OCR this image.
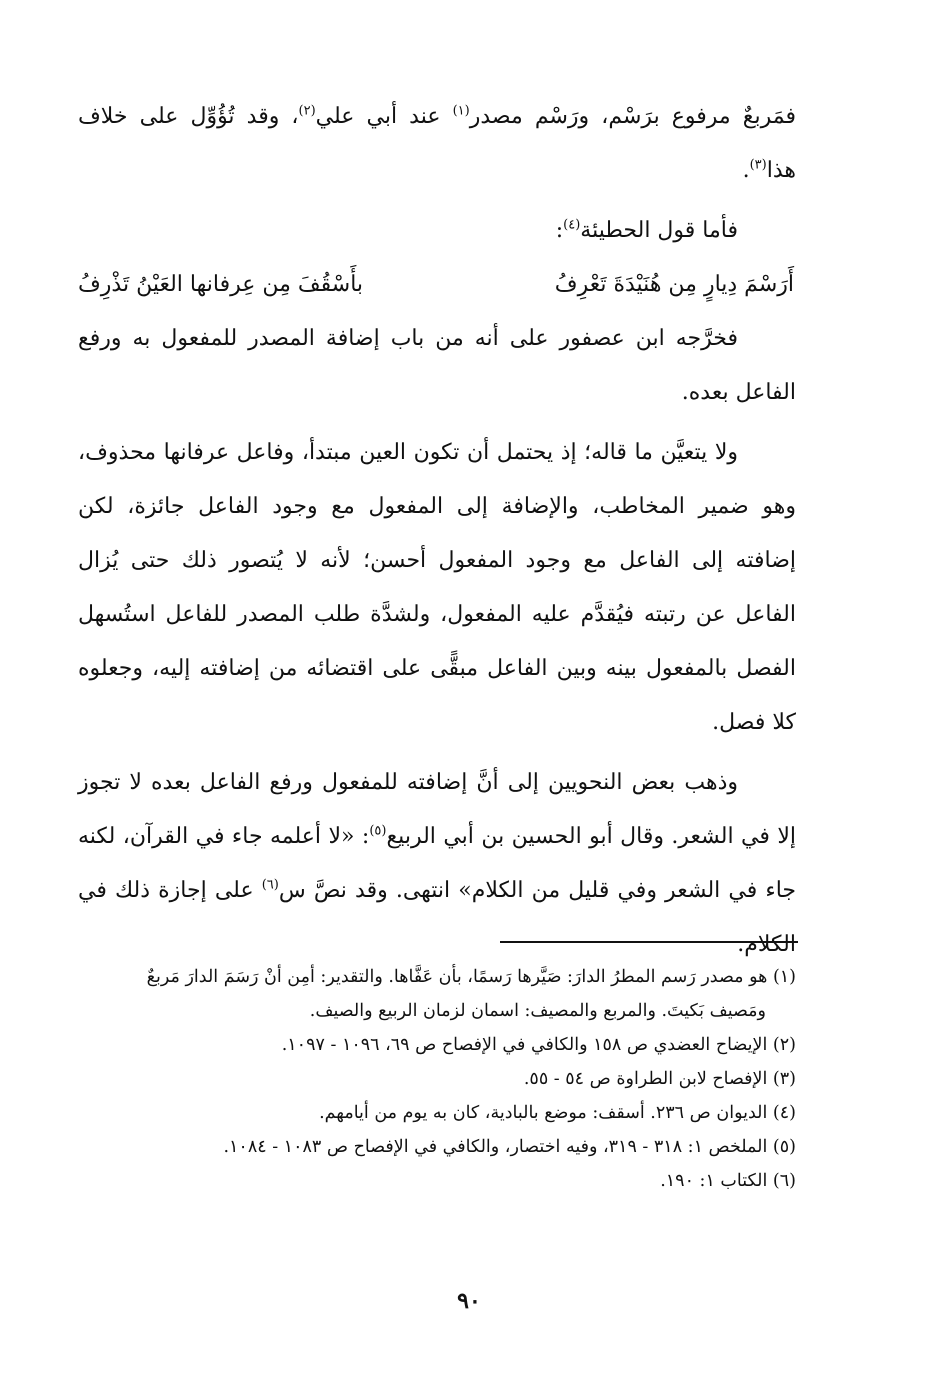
فمَربعٌ مرفوع برَسْم، ورَسْم مصدر$^{(١)}$ عند أبي علي$^{(٢)}$، وقد تُؤُوِّل على خلاف هذا$^{(٣)}$.

فأما قول الحطيئة$^{(٤)}$:

أَرَسْمَ دِيارٍ مِن هُنَيْدَةَ تَعْرِفُ
بأَسْقُفَ مِن عِرفانها العَيْنُ تَذْرِفُ

فخرَّجه ابن عصفور على أنه من باب إضافة المصدر للمفعول به ورفع الفاعل بعده.

ولا يتعيَّن ما قاله؛ إذ يحتمل أن تكون العين مبتدأ، وفاعل عرفانها محذوف، وهو ضمير المخاطب، والإضافة إلى المفعول مع وجود الفاعل جائزة، لكن إضافته إلى الفاعل مع وجود المفعول أحسن؛ لأنه لا يُتصور ذلك حتى يُزال الفاعل عن رتبته فيُقدَّم عليه المفعول، ولشدَّة طلب المصدر للفاعل استُسهل الفصل بالمفعول بينه وبين الفاعل مبقًّى على اقتضائه من إضافته إليه، وجعلوه كلا فصل.

وذهب بعض النحويين إلى أنَّ إضافته للمفعول ورفع الفاعل بعده لا تجوز إلا في الشعر. وقال أبو الحسين بن أبي الربيع$^{(٥)}$: «لا أعلمه جاء في القرآن، لكنه جاء في الشعر وفي قليل من الكلام» انتهى. وقد نصَّ س$^{(٦)}$ على إجازة ذلك في الكلام.

(١) هو مصدر رَسم المطرُ الدارَ: صَيَّرها رَسمًا، بأن عَفَّاها. والتقدير: أمِن أنْ رَسَمَ الدارَ مَربعٌ

ومَصيف بَكيتَ. والمربع والمصيف: اسمان لزمان الربيع والصيف.

(٢) الإيضاح العضدي ص ١٥٨ والكافي في الإفصاح ص ٦٩، ١٠٩٦ - ١٠٩٧.

(٣) الإفصاح لابن الطراوة ص ٥٤ - ٥٥.

(٤) الديوان ص ٢٣٦. أسقف: موضع بالبادية، كان به يوم من أيامهم.

(٥) الملخص ١: ٣١٨ - ٣١٩، وفيه اختصار، والكافي في الإفصاح ص ١٠٨٣ - ١٠٨٤.

(٦) الكتاب ١: ١٩٠.

٩٠
